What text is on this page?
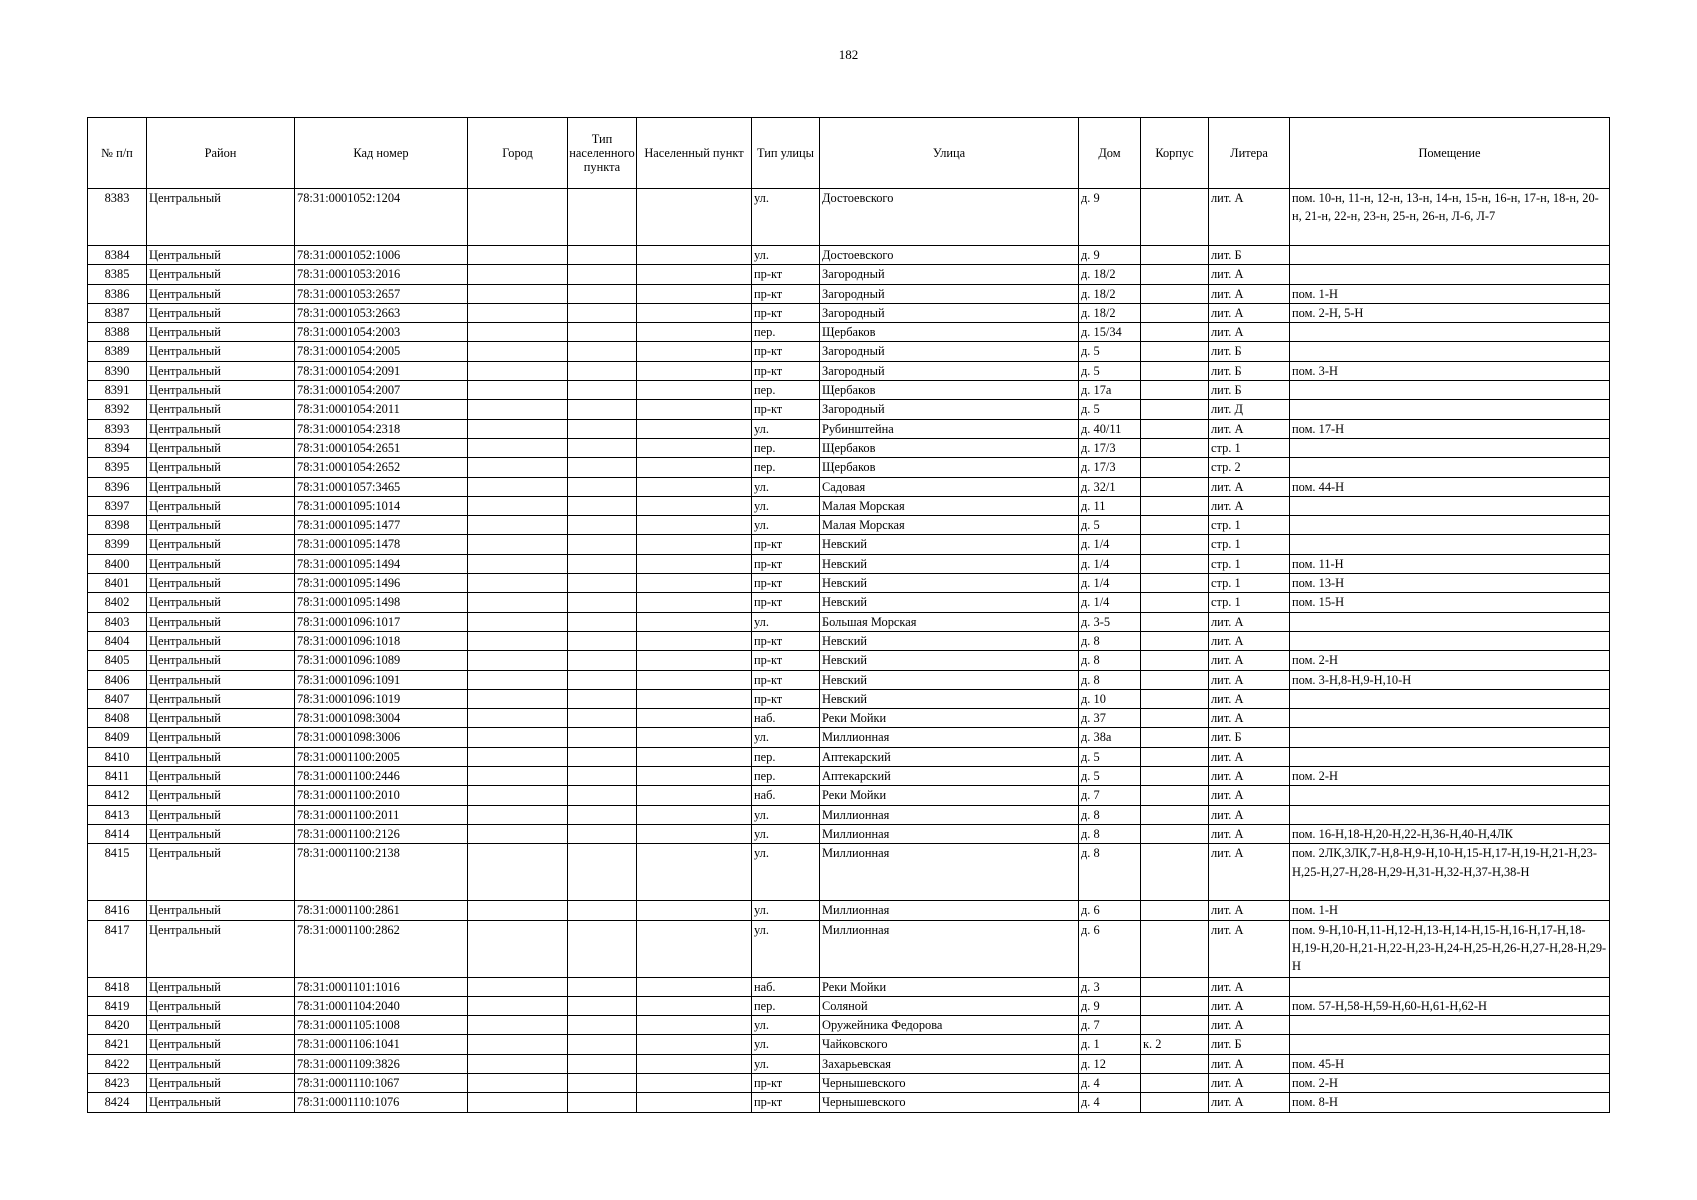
182
№ п/п	Район	Кад номер	Город	Тип населенного пункта	Населенный пункт	Тип улицы	Улица	Дом	Корпус	Литера	Помещение
8383	Центральный	78:31:0001052:1204				ул.	Достоевского	д. 9		лит. А	пом. 10-н, 11-н, 12-н, 13-н, 14-н, 15-н, 16-н, 17-н, 18-н, 20-н, 21-н, 22-н, 23-н, 25-н, 26-н, Л-6, Л-7
8384	Центральный	78:31:0001052:1006				ул.	Достоевского	д. 9		лит. Б	
8385	Центральный	78:31:0001053:2016				пр-кт	Загородный	д. 18/2		лит. А	
8386	Центральный	78:31:0001053:2657				пр-кт	Загородный	д. 18/2		лит. А	пом. 1-Н
8387	Центральный	78:31:0001053:2663				пр-кт	Загородный	д. 18/2		лит. А	пом. 2-Н, 5-Н
8388	Центральный	78:31:0001054:2003				пер.	Щербаков	д. 15/34		лит. А	
8389	Центральный	78:31:0001054:2005				пр-кт	Загородный	д. 5		лит. Б	
8390	Центральный	78:31:0001054:2091				пр-кт	Загородный	д. 5		лит. Б	пом. 3-Н
8391	Центральный	78:31:0001054:2007				пер.	Щербаков	д. 17а		лит. Б	
8392	Центральный	78:31:0001054:2011				пр-кт	Загородный	д. 5		лит. Д	
8393	Центральный	78:31:0001054:2318				ул.	Рубинштейна	д. 40/11		лит. А	пом. 17-Н
8394	Центральный	78:31:0001054:2651				пер.	Щербаков	д. 17/3		стр. 1	
8395	Центральный	78:31:0001054:2652				пер.	Щербаков	д. 17/3		стр. 2	
8396	Центральный	78:31:0001057:3465				ул.	Садовая	д. 32/1		лит. А	пом. 44-Н
8397	Центральный	78:31:0001095:1014				ул.	Малая Морская	д. 11		лит. А	
8398	Центральный	78:31:0001095:1477				ул.	Малая Морская	д. 5		стр. 1	
8399	Центральный	78:31:0001095:1478				пр-кт	Невский	д. 1/4		стр. 1	
8400	Центральный	78:31:0001095:1494				пр-кт	Невский	д. 1/4		стр. 1	пом. 11-Н
8401	Центральный	78:31:0001095:1496				пр-кт	Невский	д. 1/4		стр. 1	пом. 13-Н
8402	Центральный	78:31:0001095:1498				пр-кт	Невский	д. 1/4		стр. 1	пом. 15-Н
8403	Центральный	78:31:0001096:1017				ул.	Большая Морская	д. 3-5		лит. А	
8404	Центральный	78:31:0001096:1018				пр-кт	Невский	д. 8		лит. А	
8405	Центральный	78:31:0001096:1089				пр-кт	Невский	д. 8		лит. А	пом. 2-Н
8406	Центральный	78:31:0001096:1091				пр-кт	Невский	д. 8		лит. А	пом. 3-Н,8-Н,9-Н,10-Н
8407	Центральный	78:31:0001096:1019				пр-кт	Невский	д. 10		лит. А	
8408	Центральный	78:31:0001098:3004				наб.	Реки Мойки	д. 37		лит. А	
8409	Центральный	78:31:0001098:3006				ул.	Миллионная	д. 38а		лит. Б	
8410	Центральный	78:31:0001100:2005				пер.	Аптекарский	д. 5		лит. А	
8411	Центральный	78:31:0001100:2446				пер.	Аптекарский	д. 5		лит. А	пом. 2-Н
8412	Центральный	78:31:0001100:2010				наб.	Реки Мойки	д. 7		лит. А	
8413	Центральный	78:31:0001100:2011				ул.	Миллионная	д. 8		лит. А	
8414	Центральный	78:31:0001100:2126				ул.	Миллионная	д. 8		лит. А	пом. 16-Н,18-Н,20-Н,22-Н,36-Н,40-Н,4ЛК
8415	Центральный	78:31:0001100:2138				ул.	Миллионная	д. 8		лит. А	пом. 2ЛК,3ЛК,7-Н,8-Н,9-Н,10-Н,15-Н,17-Н,19-Н,21-Н,23-Н,25-Н,27-Н,28-Н,29-Н,31-Н,32-Н,37-Н,38-Н
8416	Центральный	78:31:0001100:2861				ул.	Миллионная	д. 6		лит. А	пом. 1-Н
8417	Центральный	78:31:0001100:2862				ул.	Миллионная	д. 6		лит. А	пом. 9-Н,10-Н,11-Н,12-Н,13-Н,14-Н,15-Н,16-Н,17-Н,18-Н,19-Н,20-Н,21-Н,22-Н,23-Н,24-Н,25-Н,26-Н,27-Н,28-Н,29-Н
8418	Центральный	78:31:0001101:1016				наб.	Реки Мойки	д. 3		лит. А	
8419	Центральный	78:31:0001104:2040				пер.	Соляной	д. 9		лит. А	пом. 57-Н,58-Н,59-Н,60-Н,61-Н,62-Н
8420	Центральный	78:31:0001105:1008				ул.	Оружейника Федорова	д. 7		лит. А	
8421	Центральный	78:31:0001106:1041				ул.	Чайковского	д. 1	к. 2	лит. Б	
8422	Центральный	78:31:0001109:3826				ул.	Захарьевская	д. 12		лит. А	пом. 45-Н
8423	Центральный	78:31:0001110:1067				пр-кт	Чернышевского	д. 4		лит. А	пом. 2-Н
8424	Центральный	78:31:0001110:1076				пр-кт	Чернышевского	д. 4		лит. А	пом. 8-Н
